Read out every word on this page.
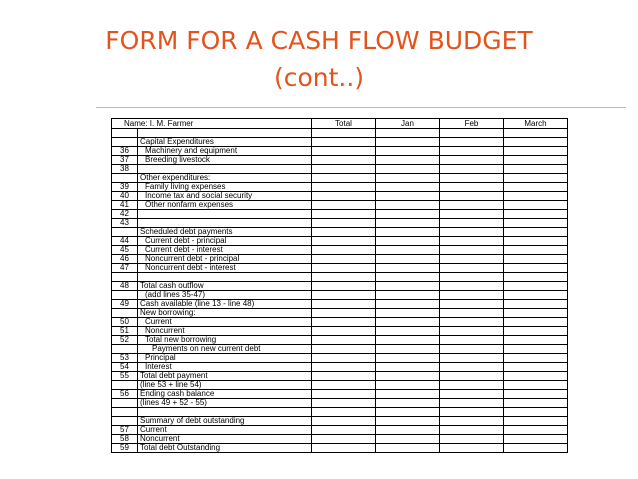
FORM FOR A CASH FLOW BUDGET
(cont..)
Name: I. M. Farmer		Total	Jan	Feb	March

	Capital Expenditures				
36	Machinery and equipment				
37	Breeding livestock				
38					
	Other expenditures:				
39	Family living expenses				
40	Income tax and social security				
41	Other nonfarm expenses				
42					
43					
	Scheduled debt payments				
44	Current debt - principal				
45	Current debt - interest				
46	Noncurrent debt - principal				
47	Noncurrent debt - interest				

48	Total cash outflow				
	(add lines 35-47)				
49	Cash available (line 13 - line 48)				
	New borrowing:				
50	Current				
51	Noncurrent				
52	Total new borrowing				
	Payments on new current debt				
53	Principal				
54	Interest				
55	Total debt payment				
	(line 53 + line 54)				
56	Ending cash balance				
	(lines 49 + 52 - 55)				

	Summary of debt outstanding				
57	Current				
58	Noncurrent				
59	Total debt Outstanding				
